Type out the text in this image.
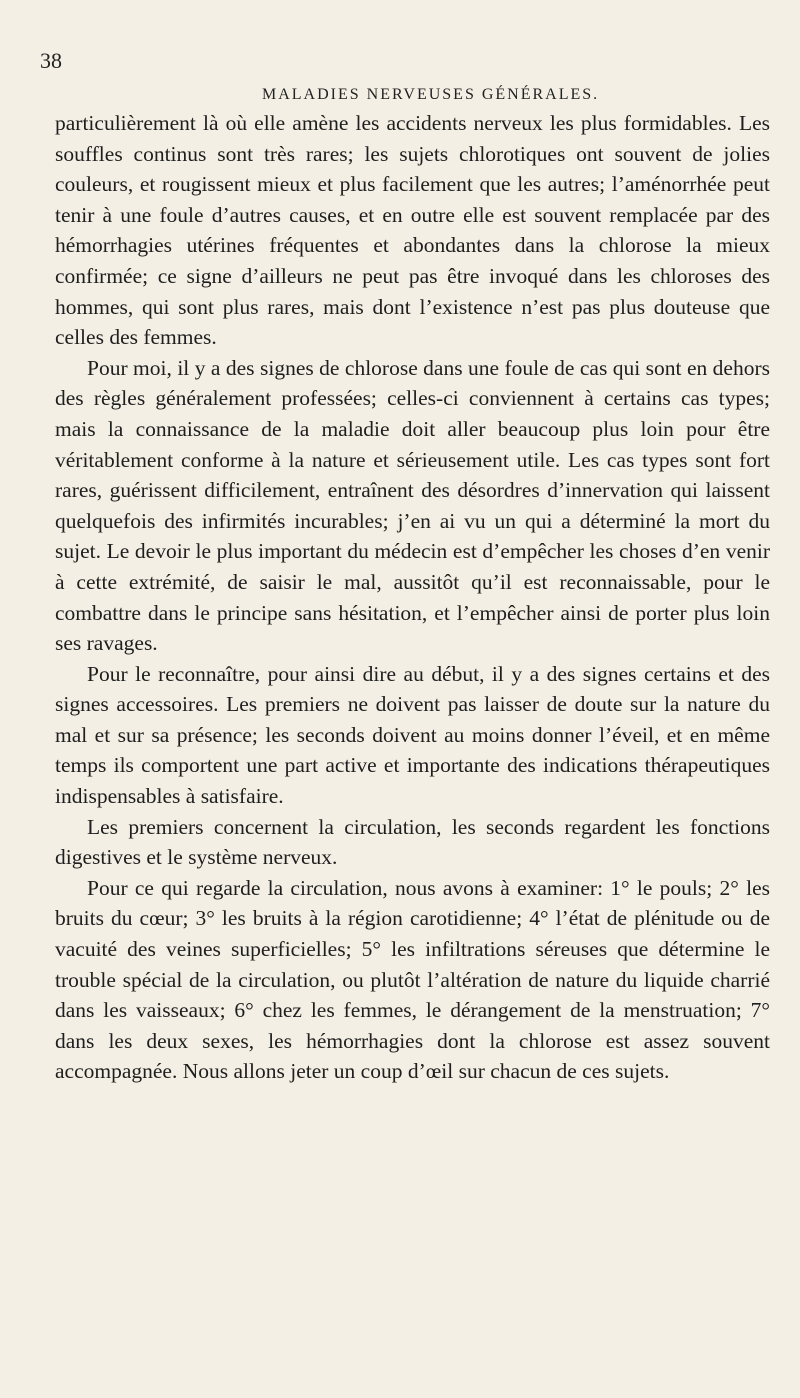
38
MALADIES NERVEUSES GÉNÉRALES.

particulièrement là où elle amène les accidents nerveux les plus formidables. Les souffles continus sont très rares; les sujets chlorotiques ont souvent de jolies couleurs, et rougissent mieux et plus facilement que les autres; l’aménorrhée peut tenir à une foule d’autres causes, et en outre elle est souvent remplacée par des hémorrhagies utérines fréquentes et abondantes dans la chlorose la mieux confirmée; ce signe d’ailleurs ne peut pas être invoqué dans les chloroses des hommes, qui sont plus rares, mais dont l’existence n’est pas plus douteuse que celles des femmes.

Pour moi, il y a des signes de chlorose dans une foule de cas qui sont en dehors des règles généralement professées; celles-ci conviennent à certains cas types; mais la connaissance de la maladie doit aller beaucoup plus loin pour être véritablement conforme à la nature et sérieusement utile. Les cas types sont fort rares, guérissent difficilement, entraînent des désordres d’innervation qui laissent quelquefois des infirmités incurables; j’en ai vu un qui a déterminé la mort du sujet. Le devoir le plus important du médecin est d’empêcher les choses d’en venir à cette extrémité, de saisir le mal, aussitôt qu’il est reconnaissable, pour le combattre dans le principe sans hésitation, et l’empêcher ainsi de porter plus loin ses ravages.

Pour le reconnaître, pour ainsi dire au début, il y a des signes certains et des signes accessoires. Les premiers ne doivent pas laisser de doute sur la nature du mal et sur sa présence; les seconds doivent au moins donner l’éveil, et en même temps ils comportent une part active et importante des indications thérapeutiques indispensables à satisfaire.

Les premiers concernent la circulation, les seconds regardent les fonctions digestives et le système nerveux.

Pour ce qui regarde la circulation, nous avons à examiner: 1° le pouls; 2° les bruits du cœur; 3° les bruits à la région carotidienne; 4° l’état de plénitude ou de vacuité des veines superficielles; 5° les infiltrations séreuses que détermine le trouble spécial de la circulation, ou plutôt l’altération de nature du liquide charrié dans les vaisseaux; 6° chez les femmes, le dérangement de la menstruation; 7° dans les deux sexes, les hémorrhagies dont la chlorose est assez souvent accompagnée. Nous allons jeter un coup d’œil sur chacun de ces sujets.
